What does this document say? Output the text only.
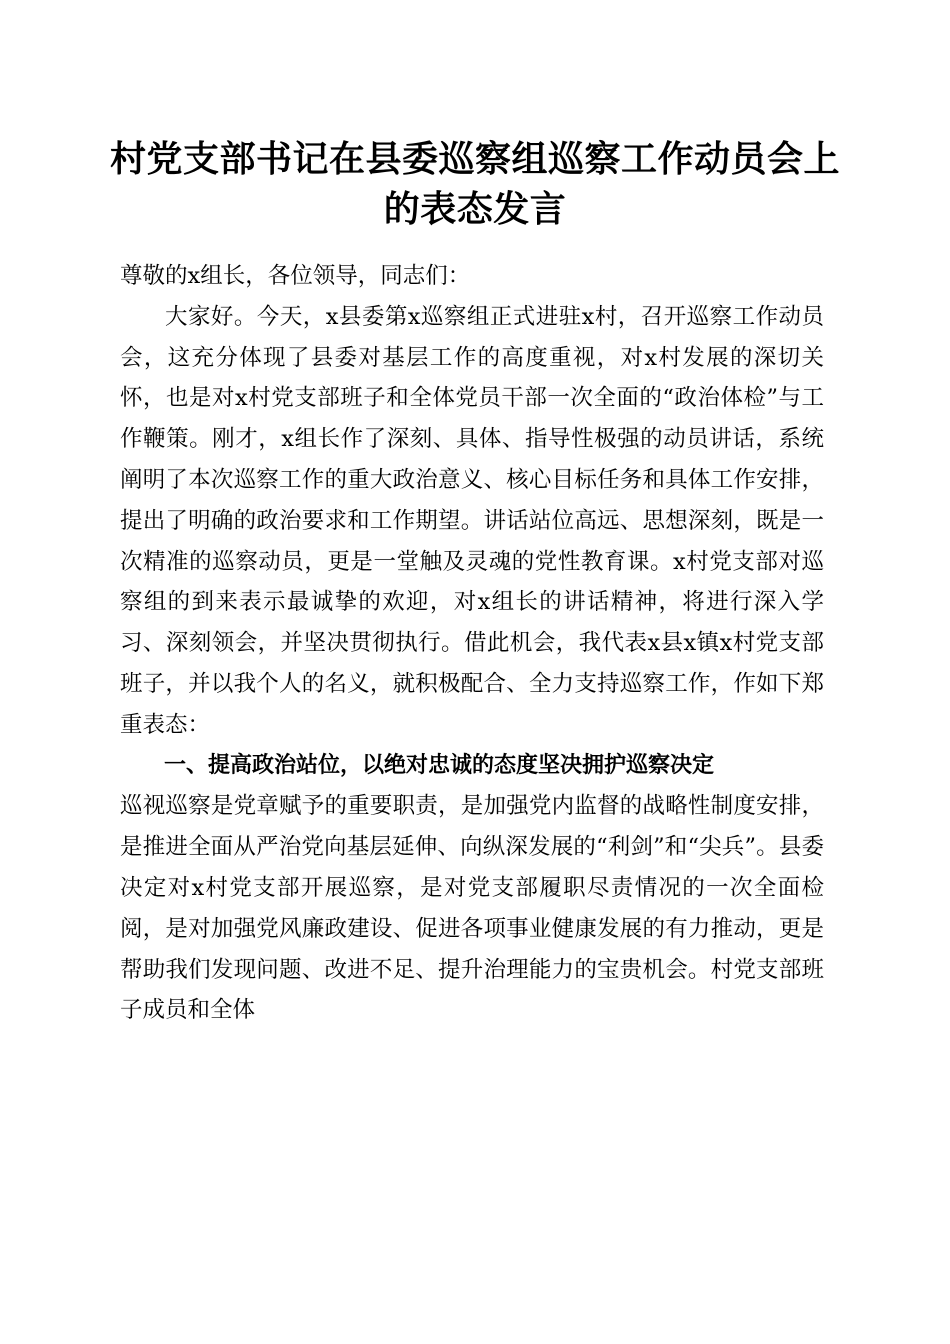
村党支部书记在县委巡察组巡察工作动员会上
的表态发言

尊敬的x组长，各位领导，同志们：

大家好。今天，x县委第x巡察组正式进驻x村，召开巡察工作动员会，这充分体现了县委对基层工作的高度重视，对x村发展的深切关怀，也是对x村党支部班子和全体党员干部一次全面的“政治体检”与工作鞭策。刚才，x组长作了深刻、具体、指导性极强的动员讲话，系统阐明了本次巡察工作的重大政治意义、核心目标任务和具体工作安排，提出了明确的政治要求和工作期望。讲话站位高远、思想深刻，既是一次精准的巡察动员，更是一堂触及灵魂的党性教育课。x村党支部对巡察组的到来表示最诚挚的欢迎，对x组长的讲话精神，将进行深入学习、深刻领会，并坚决贯彻执行。借此机会，我代表x县x镇x村党支部班子，并以我个人的名义，就积极配合、全力支持巡察工作，作如下郑重表态：

一、提高政治站位，以绝对忠诚的态度坚决拥护巡察决定

巡视巡察是党章赋予的重要职责，是加强党内监督的战略性制度安排，是推进全面从严治党向基层延伸、向纵深发展的“利剑”和“尖兵”。县委决定对x村党支部开展巡察，是对党支部履职尽责情况的一次全面检阅，是对加强党风廉政建设、促进各项事业健康发展的有力推动，更是帮助我们发现问题、改进不足、提升治理能力的宝贵机会。村党支部班子成员和全体
